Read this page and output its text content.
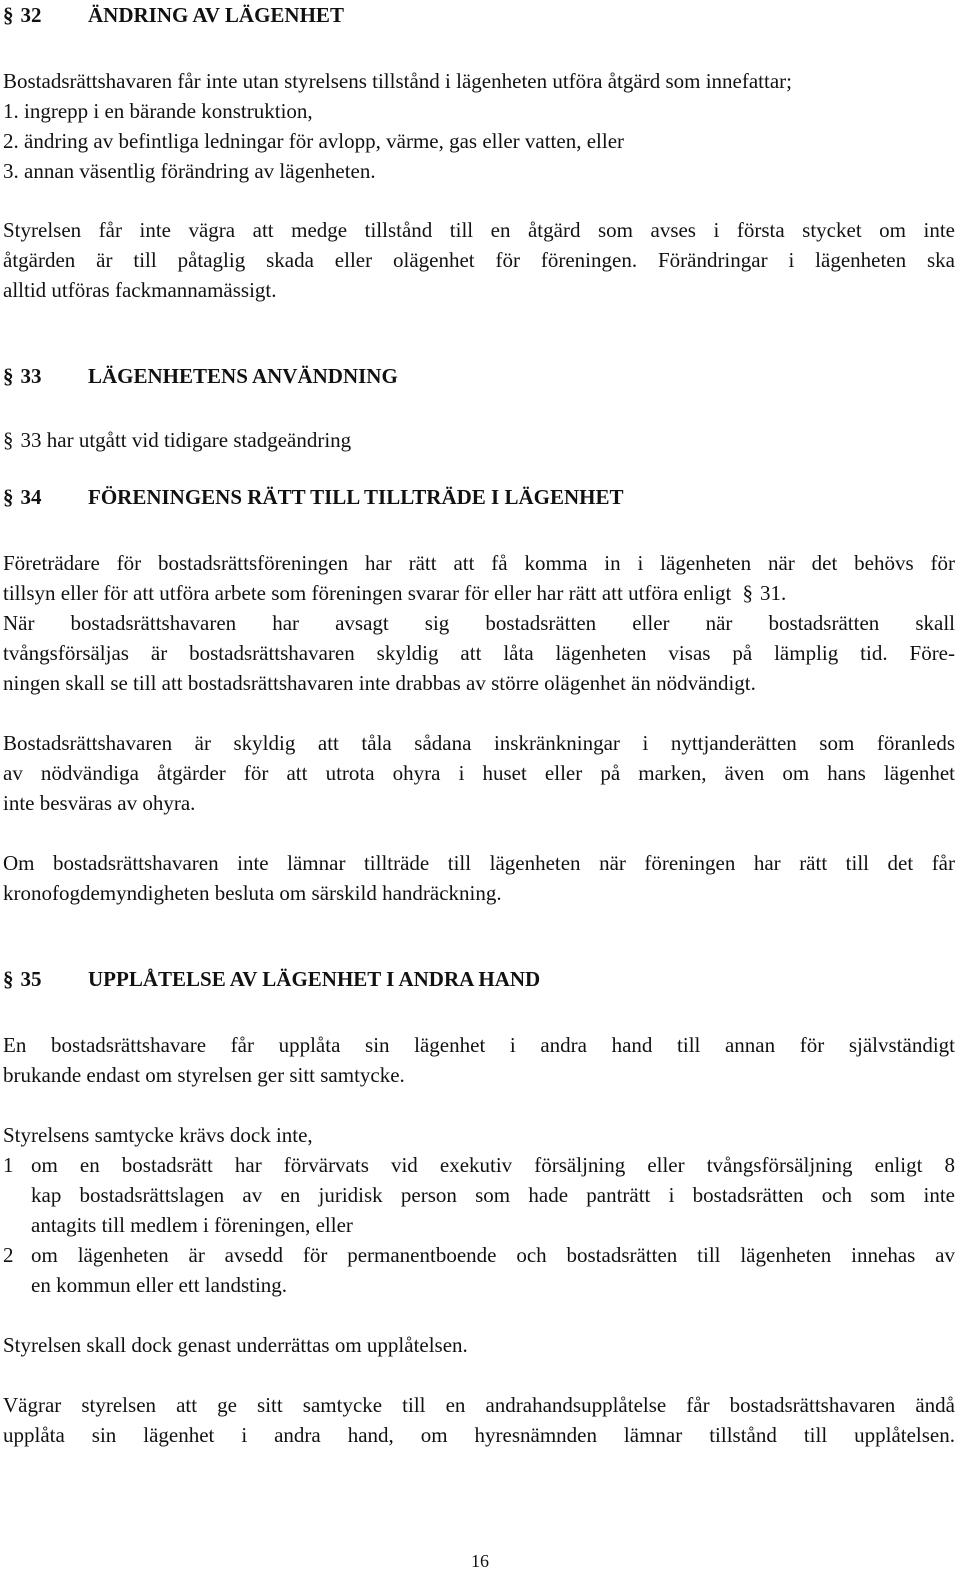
§ 32 ÄNDRING AV LÄGENHET
Bostadsrättshavaren får inte utan styrelsens tillstånd i lägenheten utföra åtgärd som innefattar;
1. ingrepp i en bärande konstruktion,
2. ändring av befintliga ledningar för avlopp, värme, gas eller vatten, eller
3. annan väsentlig förändring av lägenheten.
Styrelsen får inte vägra att medge tillstånd till en åtgärd som avses i första stycket om inte
åtgärden är till påtaglig skada eller olägenhet för föreningen. Förändringar i lägenheten ska
alltid utföras fackmannamässigt.
§ 33 LÄGENHETENS ANVÄNDNING
§ 33 har utgått vid tidigare stadgeändring
§ 34 FÖRENINGENS RÄTT TILL TILLTRÄDE I LÄGENHET
Företrädare för bostadsrättsföreningen har rätt att få komma in i lägenheten när det behövs för
tillsyn eller för att utföra arbete som föreningen svarar för eller har rätt att utföra enligt § 31.
När bostadsrättshavaren har avsagt sig bostadsrätten eller när bostadsrätten skall
tvångsförsäljas är bostadsrättshavaren skyldig att låta lägenheten visas på lämplig tid. Före-
ningen skall se till att bostadsrättshavaren inte drabbas av större olägenhet än nödvändigt.
Bostadsrättshavaren är skyldig att tåla sådana inskränkningar i nyttjanderätten som föranleds
av nödvändiga åtgärder för att utrota ohyra i huset eller på marken, även om hans lägenhet
inte besväras av ohyra.
Om bostadsrättshavaren inte lämnar tillträde till lägenheten när föreningen har rätt till det får
kronofogdemyndigheten besluta om särskild handräckning.
§ 35 UPPLÅTELSE AV LÄGENHET I ANDRA HAND
En bostadsrättshavare får upplåta sin lägenhet i andra hand till annan för självständigt
brukande endast om styrelsen ger sitt samtycke.
Styrelsens samtycke krävs dock inte,
1 om en bostadsrätt har förvärvats vid exekutiv försäljning eller tvångsförsäljning enligt 8
kap bostadsrättslagen av en juridisk person som hade panträtt i bostadsrätten och som inte
antagits till medlem i föreningen, eller
2 om lägenheten är avsedd för permanentboende och bostadsrätten till lägenheten innehas av
en kommun eller ett landsting.
Styrelsen skall dock genast underrättas om upplåtelsen.
Vägrar styrelsen att ge sitt samtycke till en andrahandsupplåtelse får bostadsrättshavaren ändå
upplåta sin lägenhet i andra hand, om hyresnämnden lämnar tillstånd till upplåtelsen.
16
